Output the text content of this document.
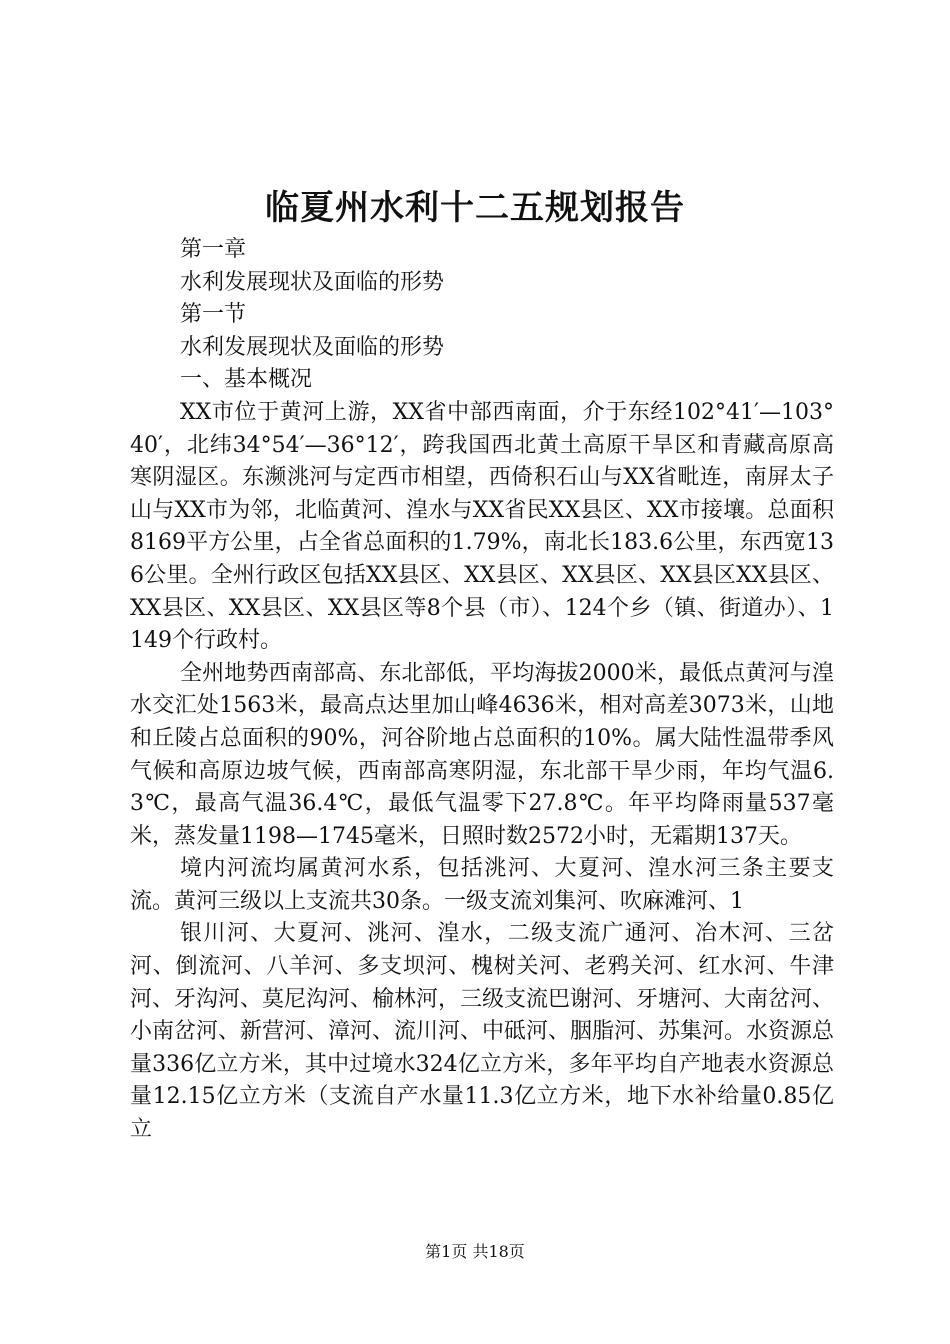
临夏州水利十二五规划报告
第一章
水利发展现状及面临的形势
第一节
水利发展现状及面临的形势
一、基本概况

XX市位于黄河上游，XX省中部西南面，介于东经102°41′—103°40′，北纬34°54′—36°12′，跨我国西北黄土高原干旱区和青藏高原高寒阴湿区。东濒洮河与定西市相望，西倚积石山与XX省毗连，南屏太子山与XX市为邻，北临黄河、湟水与XX省民XX县区、XX市接壤。总面积8169平方公里，占全省总面积的1.79%，南北长183.6公里，东西宽136公里。全州行政区包括XX县区、XX县区、XX县区、XX县区XX县区、XX县区、XX县区、XX县区等8个县（市）、124个乡（镇、街道办）、1149个行政村。

全州地势西南部高、东北部低，平均海拔2000米，最低点黄河与湟水交汇处1563米，最高点达里加山峰4636米，相对高差3073米，山地和丘陵占总面积的90%，河谷阶地占总面积的10%。属大陆性温带季风气候和高原边坡气候，西南部高寒阴湿，东北部干旱少雨，年均气温6.3℃，最高气温36.4℃，最低气温零下27.8℃。年平均降雨量537毫米，蒸发量1198—1745毫米，日照时数2572小时，无霜期137天。

境内河流均属黄河水系，包括洮河、大夏河、湟水河三条主要支流。黄河三级以上支流共30条。一级支流刘集河、吹麻滩河、1

银川河、大夏河、洮河、湟水，二级支流广通河、冶木河、三岔河、倒流河、八羊河、多支坝河、槐树关河、老鸦关河、红水河、牛津河、牙沟河、莫尼沟河、榆林河，三级支流巴谢河、牙塘河、大南岔河、小南岔河、新营河、漳河、流川河、中砥河、胭脂河、苏集河。水资源总量336亿立方米，其中过境水324亿立方米，多年平均自产地表水资源总量12.15亿立方米（支流自产水量11.3亿立方米，地下水补给量0.85亿立

第1页 共18页
